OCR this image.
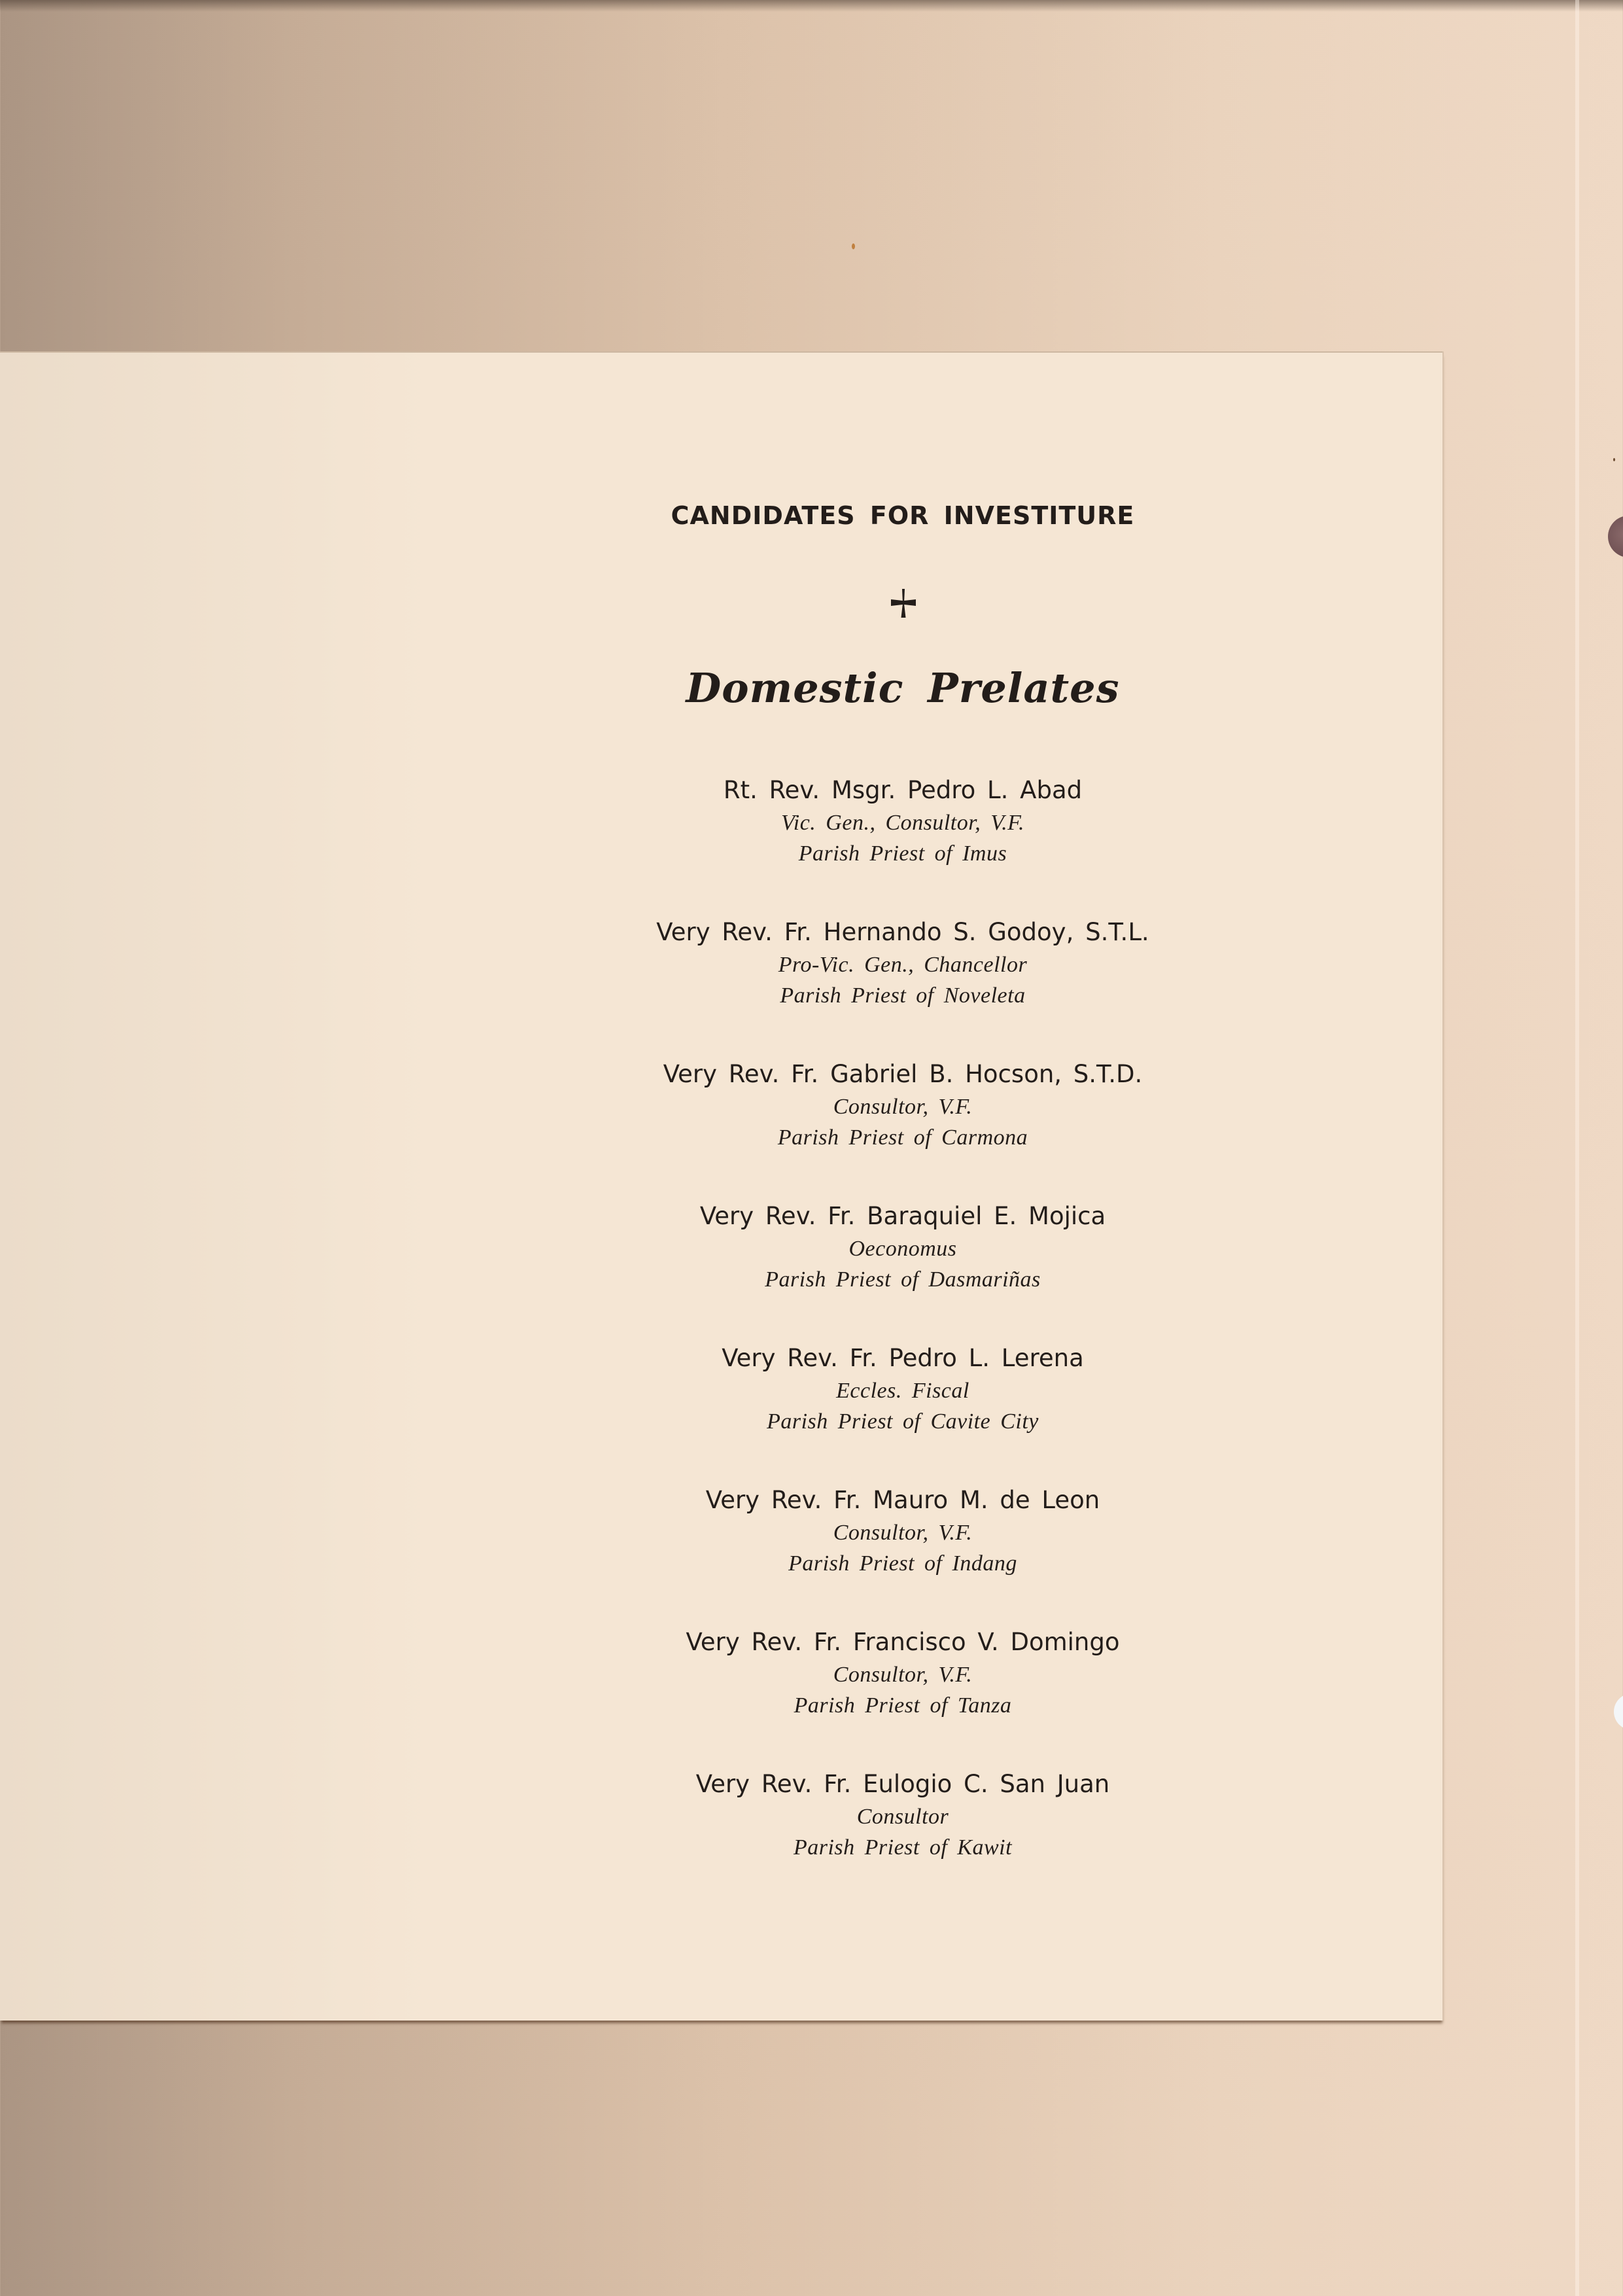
CANDIDATES FOR INVESTITURE
Domestic Prelates
Rt. Rev. Msgr. Pedro L. Abad
Vic. Gen., Consultor, V.F.
Parish Priest of Imus
Very Rev. Fr. Hernando S. Godoy, S.T.L.
Pro-Vic. Gen., Chancellor
Parish Priest of Noveleta
Very Rev. Fr. Gabriel B. Hocson, S.T.D.
Consultor, V.F.
Parish Priest of Carmona
Very Rev. Fr. Baraquiel E. Mojica
Oeconomus
Parish Priest of Dasmariñas
Very Rev. Fr. Pedro L. Lerena
Eccles. Fiscal
Parish Priest of Cavite City
Very Rev. Fr. Mauro M. de Leon
Consultor, V.F.
Parish Priest of Indang
Very Rev. Fr. Francisco V. Domingo
Consultor, V.F.
Parish Priest of Tanza
Very Rev. Fr. Eulogio C. San Juan
Consultor
Parish Priest of Kawit
